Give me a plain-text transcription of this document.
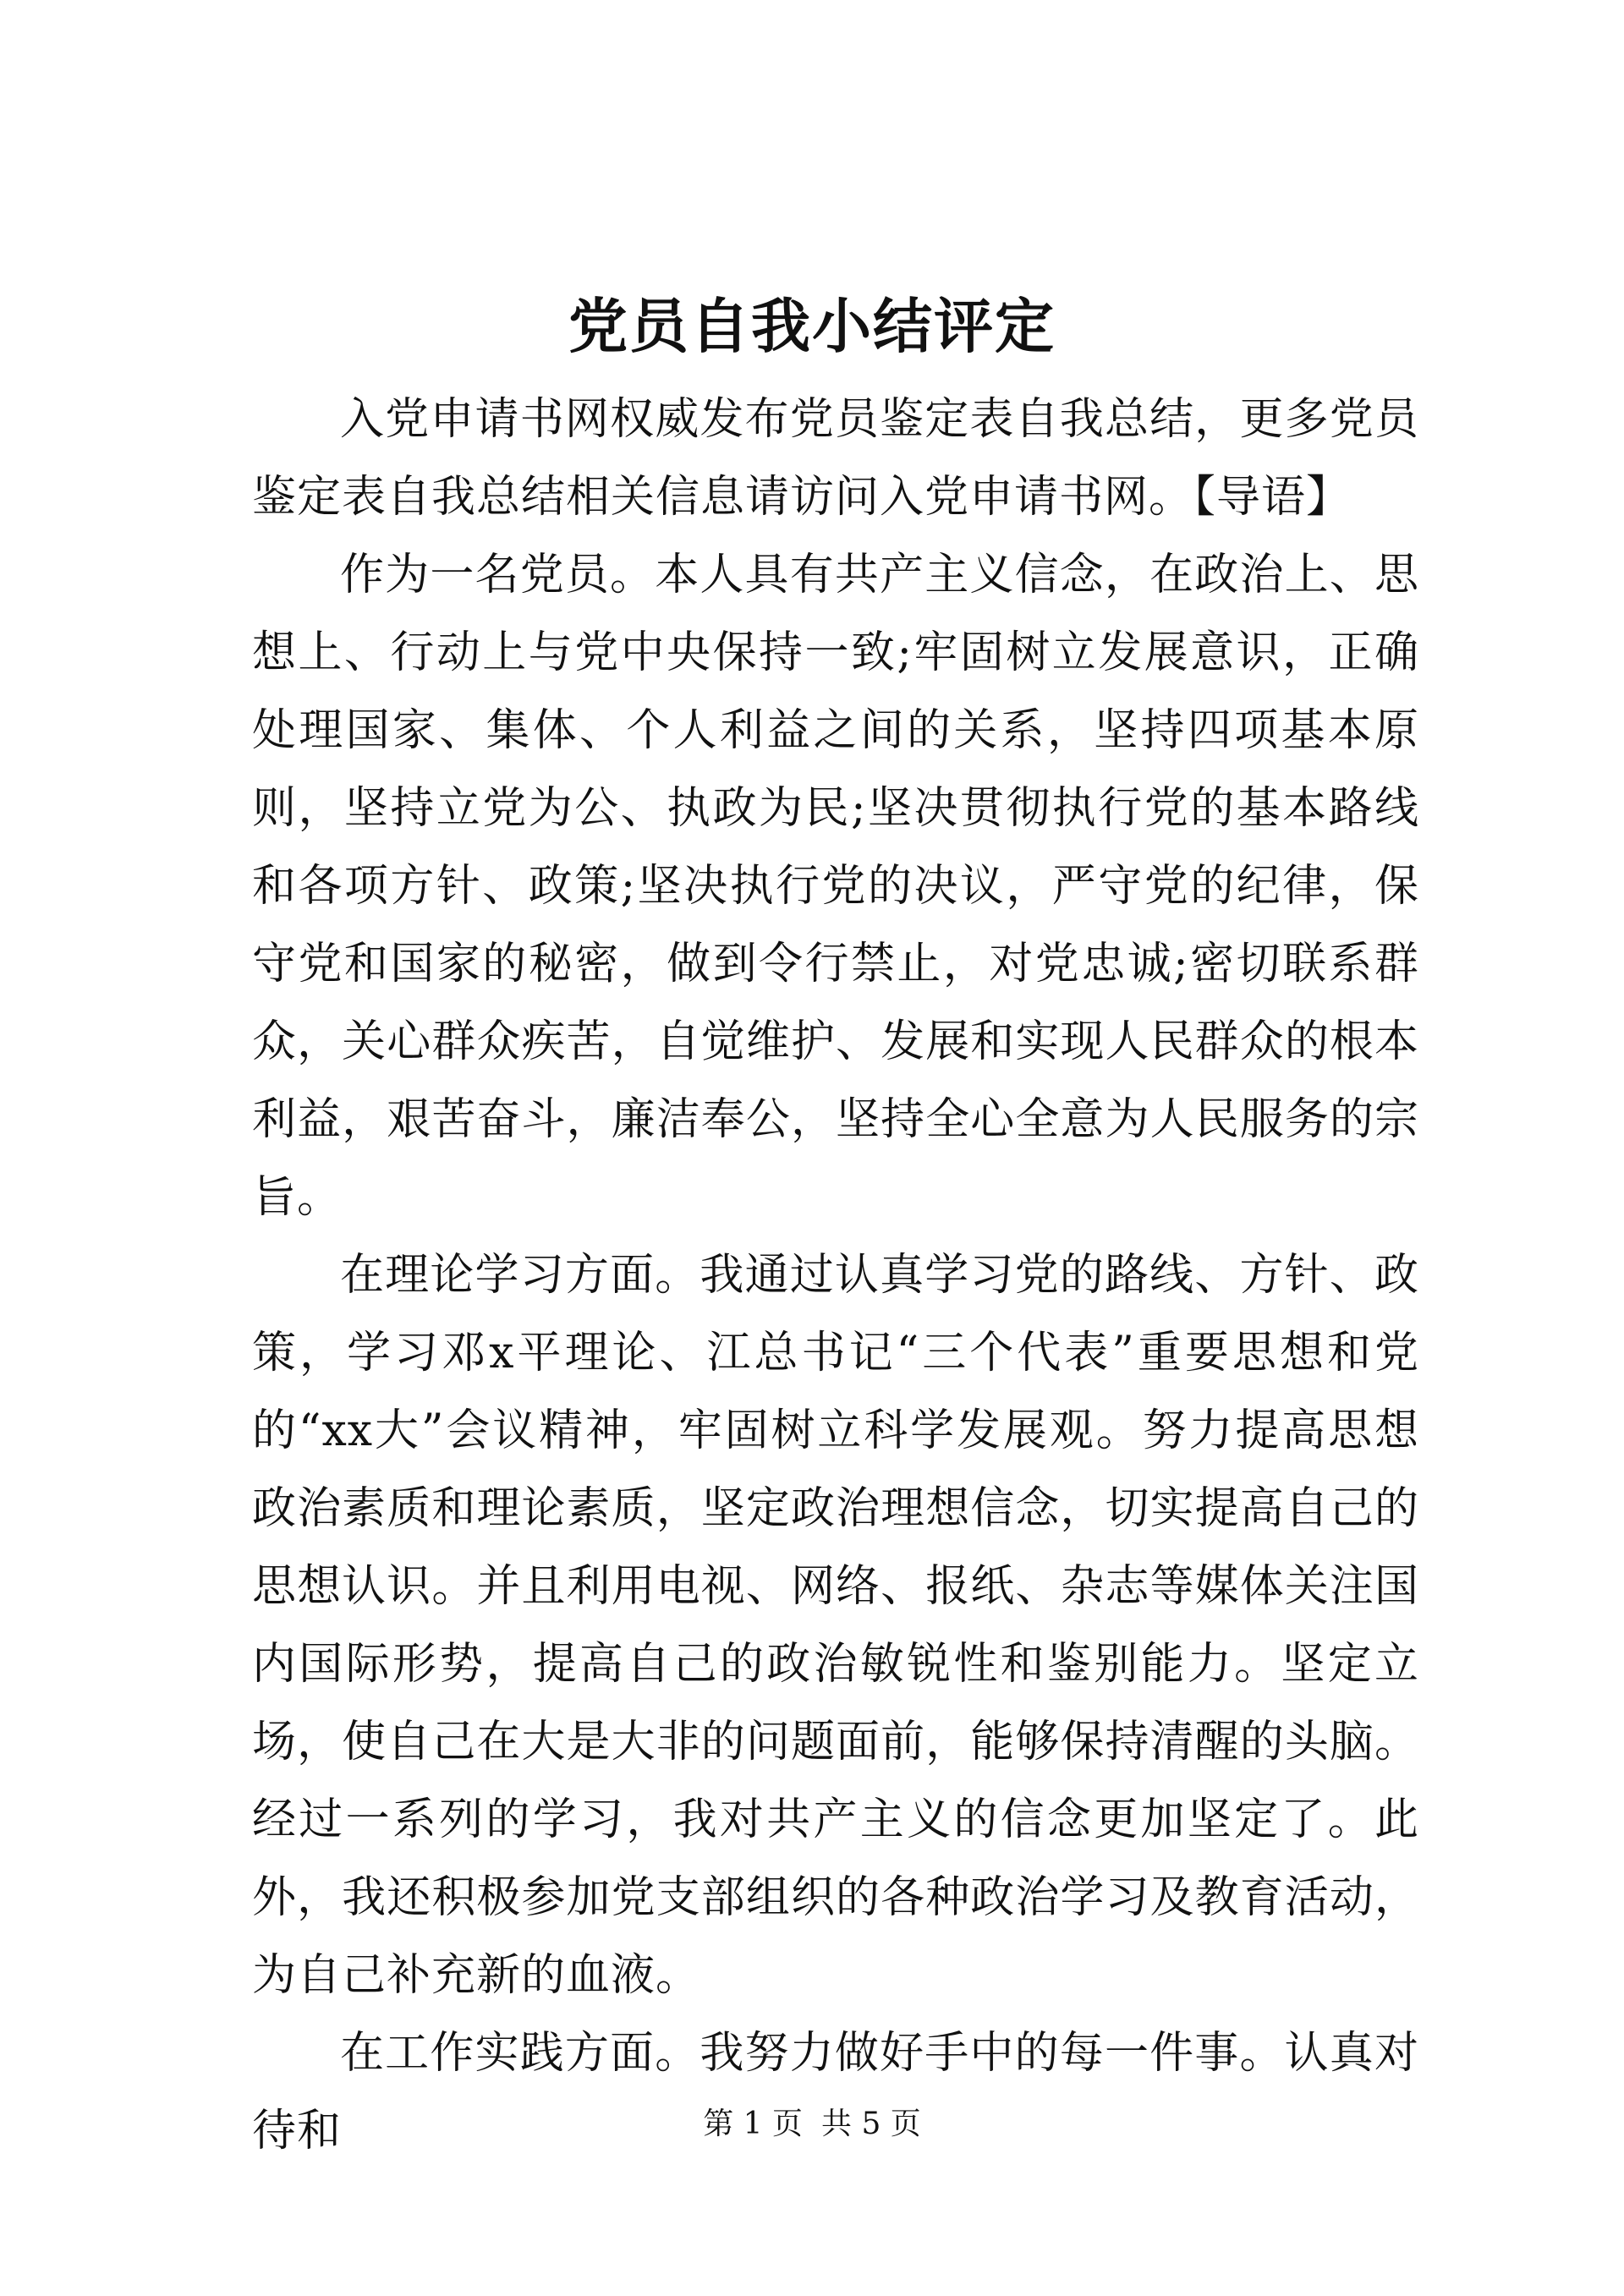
党员自我小结评定

入党申请书网权威发布党员鉴定表自我总结，更多党员鉴定表自我总结相关信息请访问入党申请书网。【导语】

作为一名党员。本人具有共产主义信念，在政治上、思想上、行动上与党中央保持一致;牢固树立发展意识，正确处理国家、集体、个人利益之间的关系，坚持四项基本原则，坚持立党为公、执政为民;坚决贯彻执行党的基本路线和各项方针、政策;坚决执行党的决议，严守党的纪律，保守党和国家的秘密，做到令行禁止，对党忠诚;密切联系群众，关心群众疾苦，自觉维护、发展和实现人民群众的根本利益，艰苦奋斗，廉洁奉公，坚持全心全意为人民服务的宗旨。

在理论学习方面。我通过认真学习党的路线、方针、政策，学习邓x平理论、江总书记“三个代表”重要思想和党的“xx大”会议精神，牢固树立科学发展观。努力提高思想政治素质和理论素质，坚定政治理想信念，切实提高自己的思想认识。并且利用电视、网络、报纸、杂志等媒体关注国内国际形势，提高自己的政治敏锐性和鉴别能力。坚定立场，使自己在大是大非的问题面前，能够保持清醒的头脑。经过一系列的学习，我对共产主义的信念更加坚定了。此外，我还积极参加党支部组织的各种政治学习及教育活动，为自己补充新的血液。

在工作实践方面。我努力做好手中的每一件事。认真对待和	第 1 页 共 5 页
